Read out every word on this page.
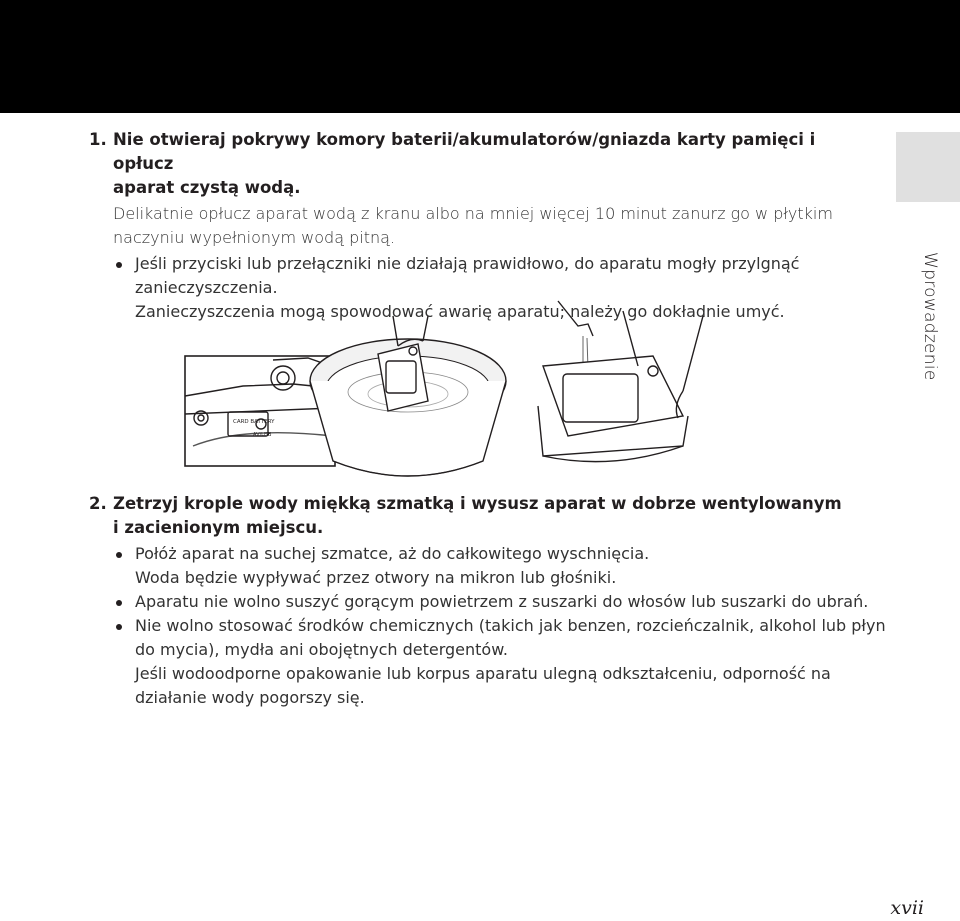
Wprowadzenie
1. Nie otwieraj pokrywy komory baterii/akumulatorów/gniazda karty pamięci i opłucz
aparat czystą wodą.

Delikatnie opłucz aparat wodą z kranu albo na mniej więcej 10 minut zanurz go w płytkim
naczyniu wypełnionym wodą pitną.

Jeśli przyciski lub przełączniki nie działają prawidłowo, do aparatu mogły przylgnąć
zanieczyszczenia.
Zanieczyszczenia mogą spowodować awarię aparatu; należy go dokładnie umyć.
CARD BATTERY
AV/USB
2. Zetrzyj krople wody miękką szmatką i wysusz aparat w dobrze wentylowanym
i zacienionym miejscu.

Połóż aparat na suchej szmatce, aż do całkowitego wyschnięcia.
Woda będzie wypływać przez otwory na mikron lub głośniki.
Aparatu nie wolno suszyć gorącym powietrzem z suszarki do włosów lub suszarki do ubrań.
Nie wolno stosować środków chemicznych (takich jak benzen, rozcieńczalnik, alkohol lub płyn
do mycia), mydła ani obojętnych detergentów.
Jeśli wodoodporne opakowanie lub korpus aparatu ulegną odkształceniu, odporność na
działanie wody pogorszy się.
xvii
